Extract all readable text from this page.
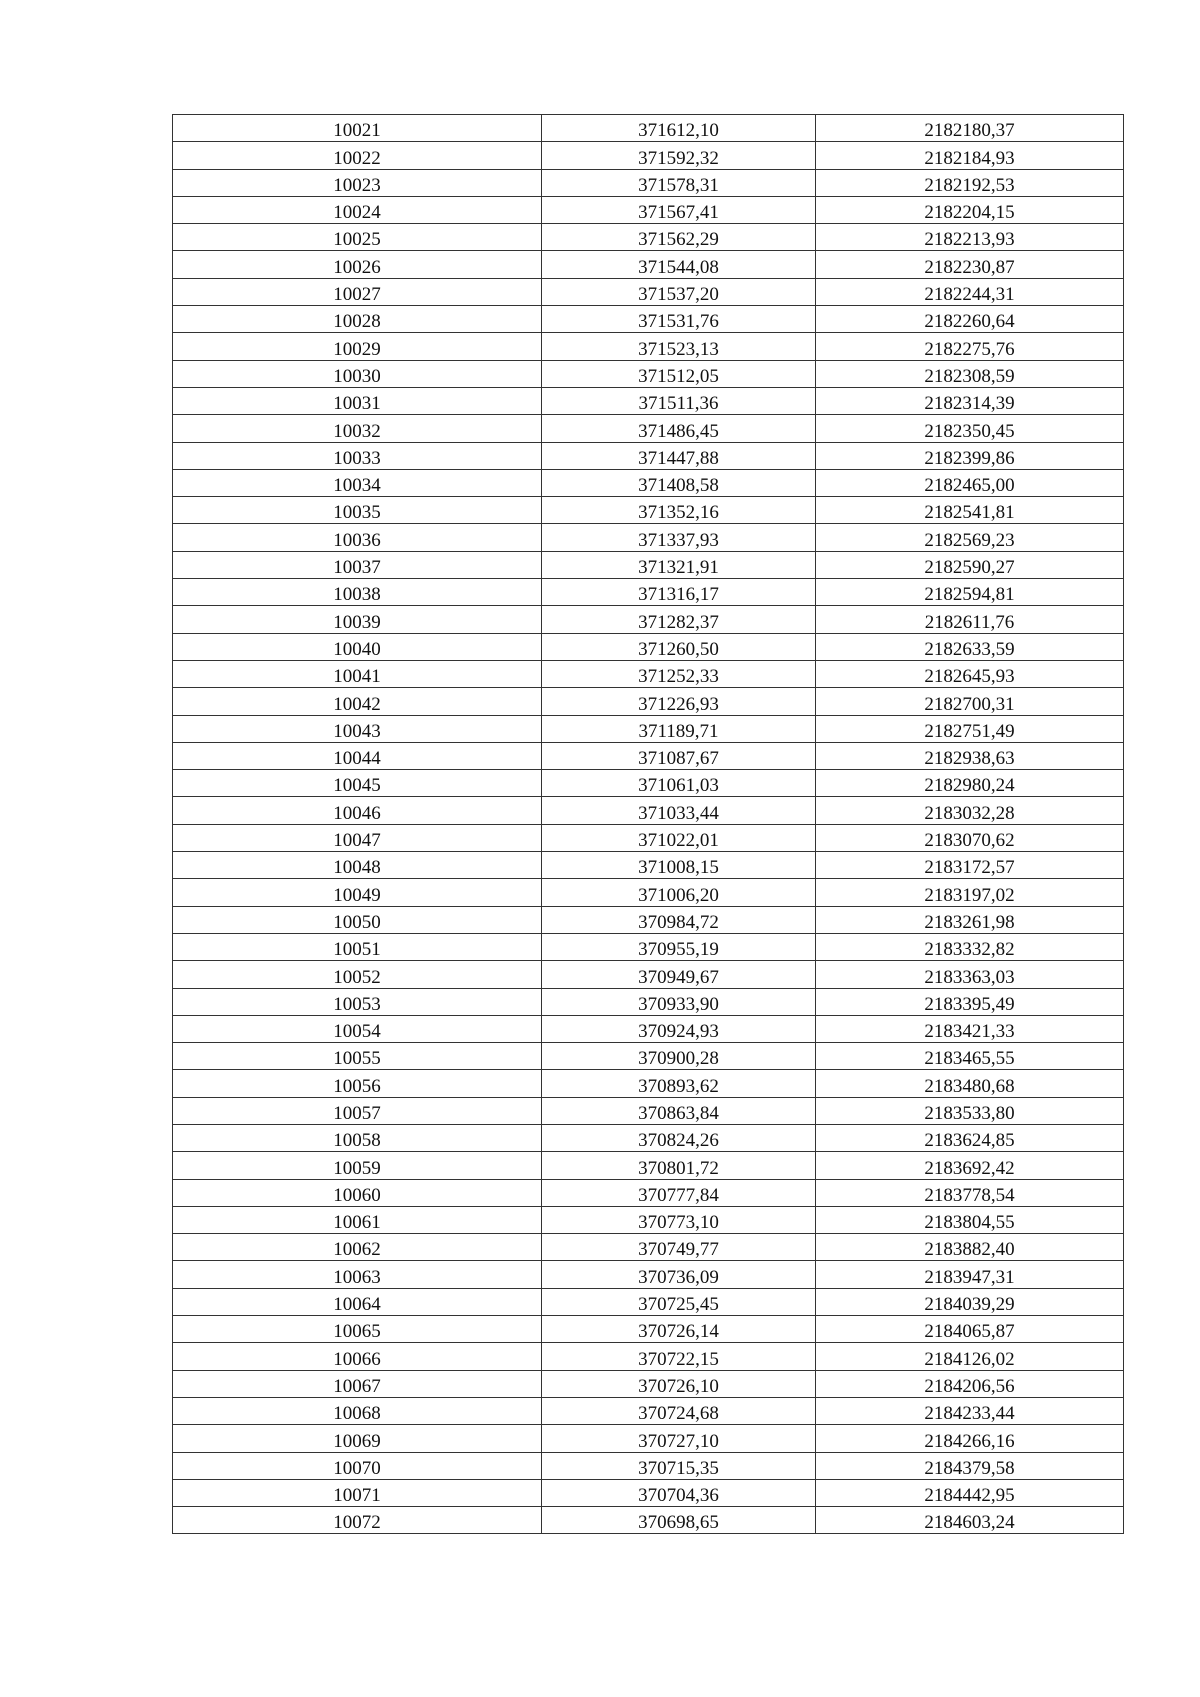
10021	371612,10	2182180,37
10022	371592,32	2182184,93
10023	371578,31	2182192,53
10024	371567,41	2182204,15
10025	371562,29	2182213,93
10026	371544,08	2182230,87
10027	371537,20	2182244,31
10028	371531,76	2182260,64
10029	371523,13	2182275,76
10030	371512,05	2182308,59
10031	371511,36	2182314,39
10032	371486,45	2182350,45
10033	371447,88	2182399,86
10034	371408,58	2182465,00
10035	371352,16	2182541,81
10036	371337,93	2182569,23
10037	371321,91	2182590,27
10038	371316,17	2182594,81
10039	371282,37	2182611,76
10040	371260,50	2182633,59
10041	371252,33	2182645,93
10042	371226,93	2182700,31
10043	371189,71	2182751,49
10044	371087,67	2182938,63
10045	371061,03	2182980,24
10046	371033,44	2183032,28
10047	371022,01	2183070,62
10048	371008,15	2183172,57
10049	371006,20	2183197,02
10050	370984,72	2183261,98
10051	370955,19	2183332,82
10052	370949,67	2183363,03
10053	370933,90	2183395,49
10054	370924,93	2183421,33
10055	370900,28	2183465,55
10056	370893,62	2183480,68
10057	370863,84	2183533,80
10058	370824,26	2183624,85
10059	370801,72	2183692,42
10060	370777,84	2183778,54
10061	370773,10	2183804,55
10062	370749,77	2183882,40
10063	370736,09	2183947,31
10064	370725,45	2184039,29
10065	370726,14	2184065,87
10066	370722,15	2184126,02
10067	370726,10	2184206,56
10068	370724,68	2184233,44
10069	370727,10	2184266,16
10070	370715,35	2184379,58
10071	370704,36	2184442,95
10072	370698,65	2184603,24
